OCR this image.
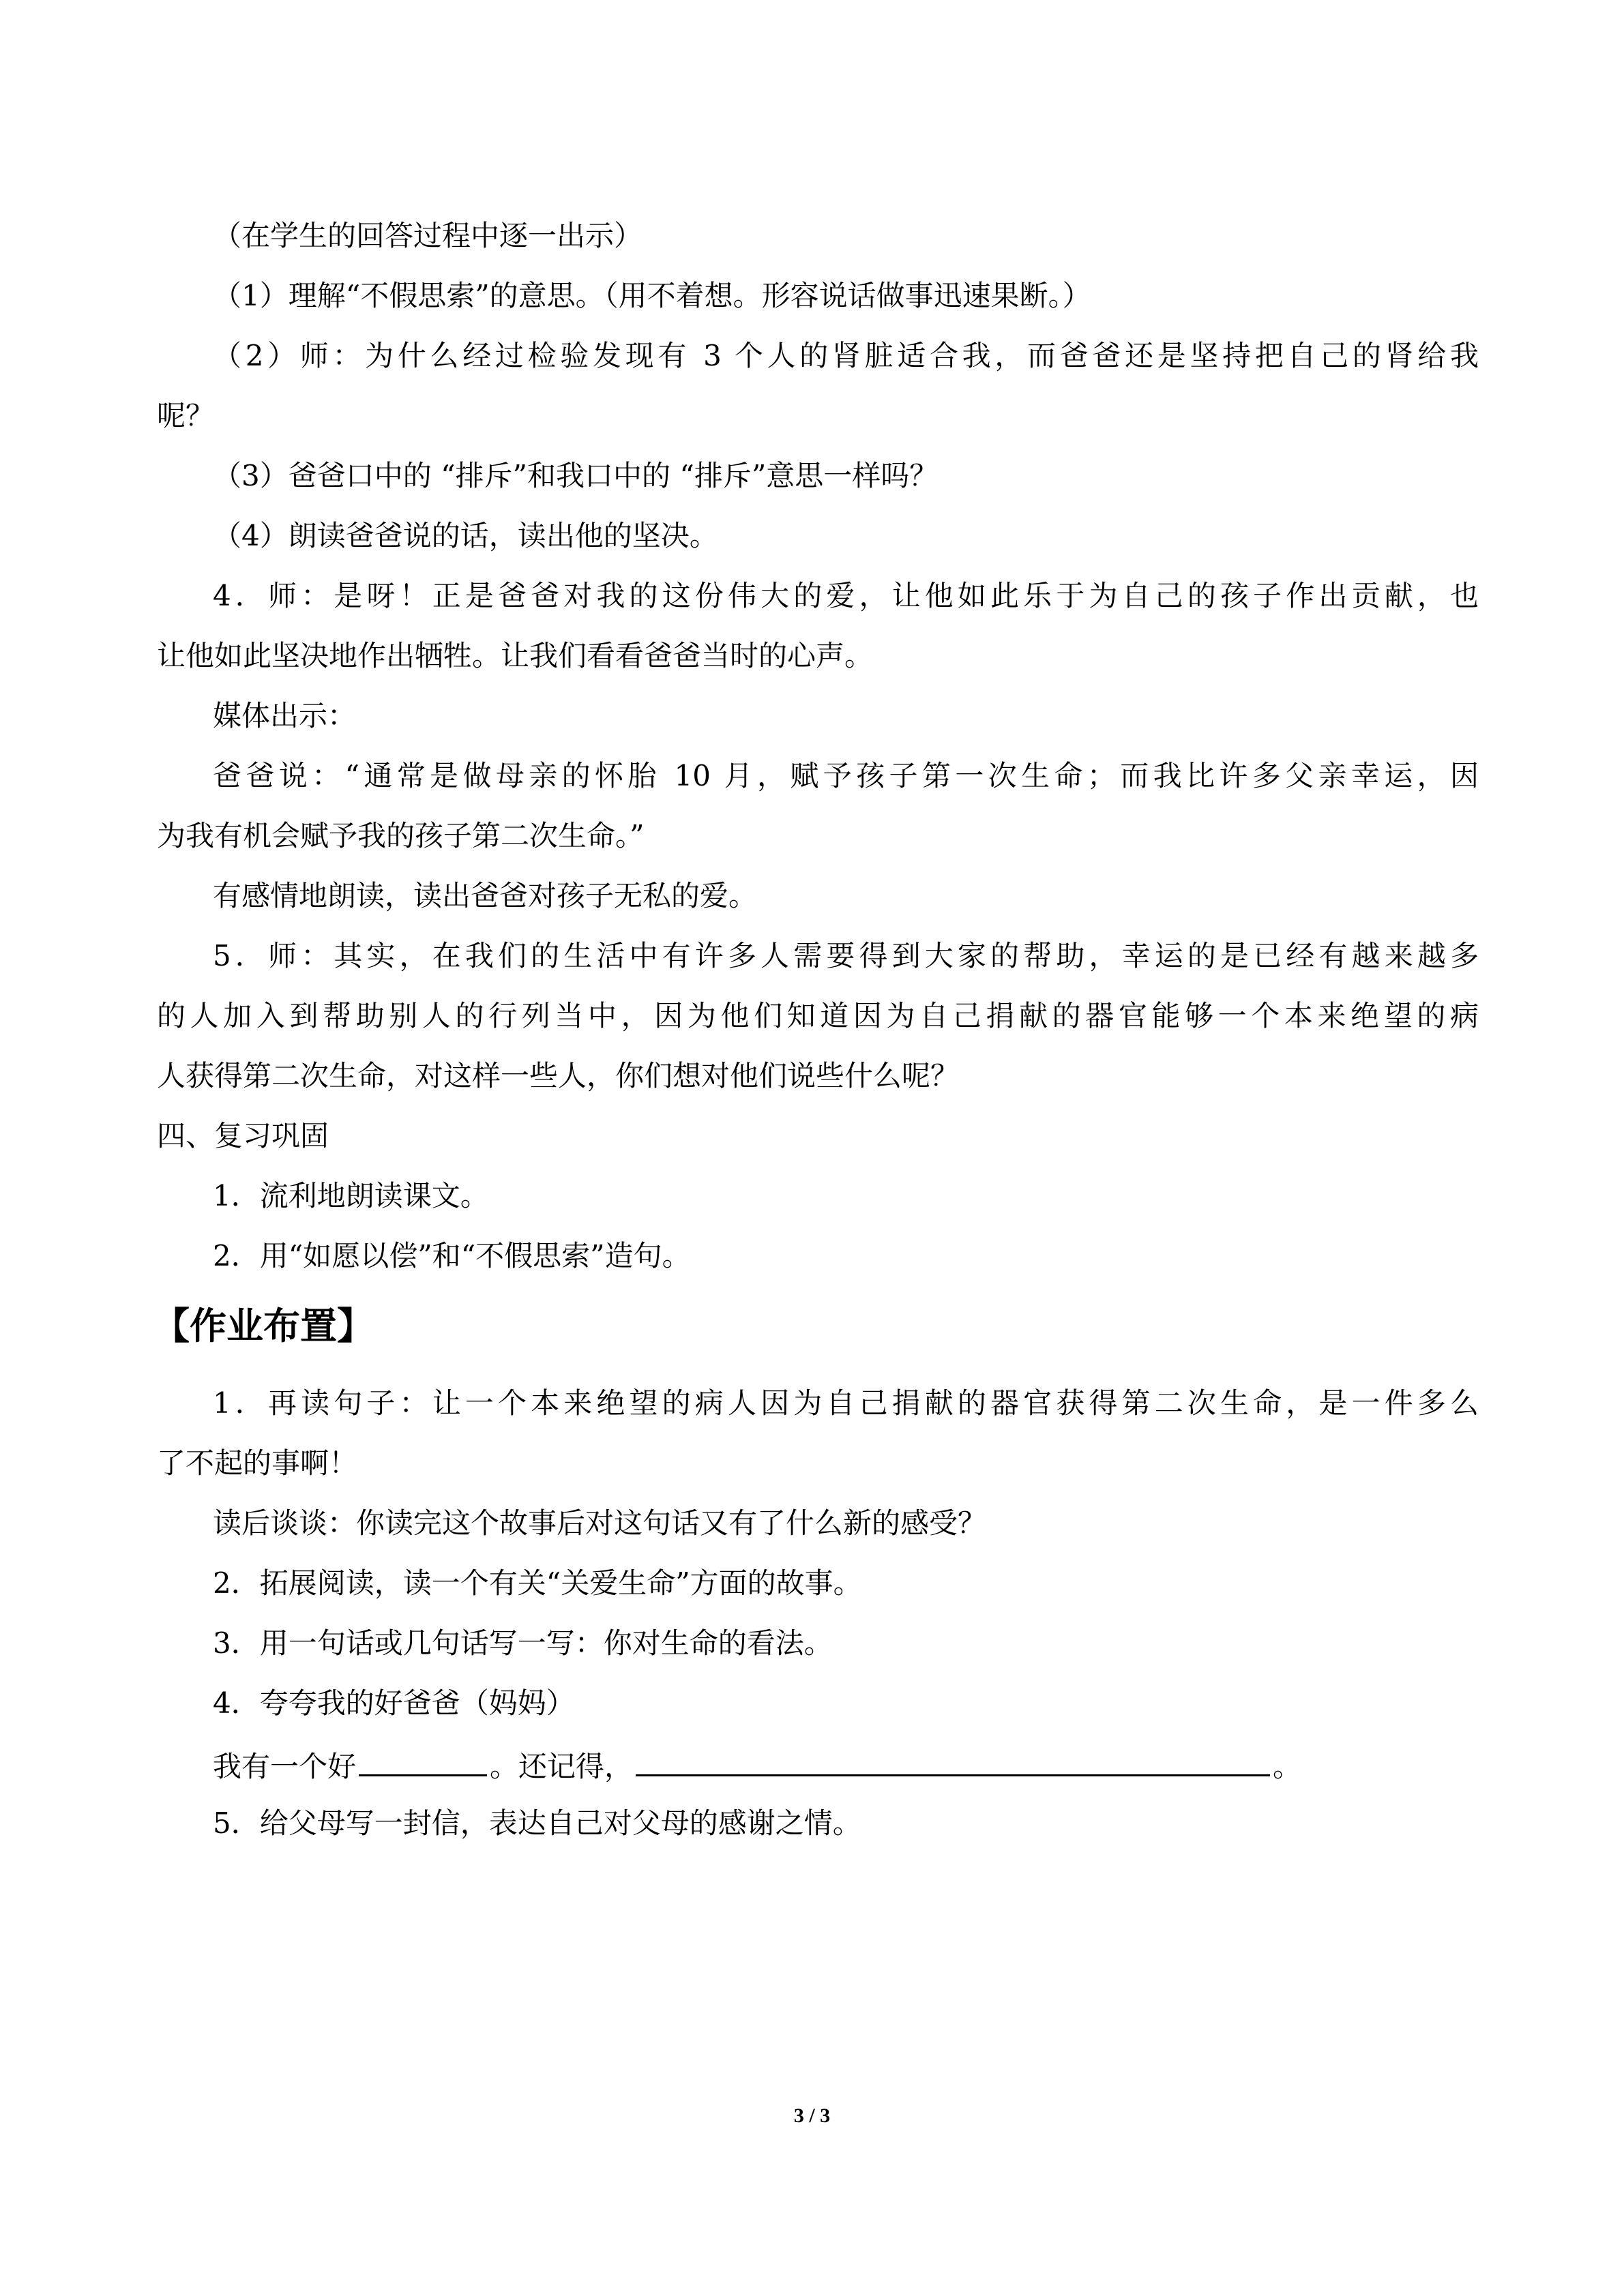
（在学生的回答过程中逐一出示）

（1）理解“不假思索”的意思。（用不着想。形容说话做事迅速果断。）

（2）师：为什么经过检验发现有 3 个人的肾脏适合我，而爸爸还是坚持把自己的肾给我

呢？

（3）爸爸口中的 “排斥”和我口中的 “排斥”意思一样吗？

（4）朗读爸爸说的话，读出他的坚决。

4．师：是呀！正是爸爸对我的这份伟大的爱，让他如此乐于为自己的孩子作出贡献，也

让他如此坚决地作出牺牲。让我们看看爸爸当时的心声。

媒体出示：

爸爸说：“通常是做母亲的怀胎 10 月，赋予孩子第一次生命；而我比许多父亲幸运，因

为我有机会赋予我的孩子第二次生命。”

有感情地朗读，读出爸爸对孩子无私的爱。

5．师：其实，在我们的生活中有许多人需要得到大家的帮助，幸运的是已经有越来越多

的人加入到帮助别人的行列当中，因为他们知道因为自己捐献的器官能够一个本来绝望的病

人获得第二次生命，对这样一些人，你们想对他们说些什么呢？

四、复习巩固

1．流利地朗读课文。

2．用“如愿以偿”和“不假思索”造句。

【作业布置】

1．再读句子：让一个本来绝望的病人因为自己捐献的器官获得第二次生命，是一件多么

了不起的事啊！

读后谈谈：你读完这个故事后对这句话又有了什么新的感受？

2．拓展阅读，读一个有关“关爱生命”方面的故事。

3．用一句话或几句话写一写：你对生命的看法。

4．夸夸我的好爸爸（妈妈）

我有一个好	。还记得，	。

5．给父母写一封信，表达自己对父母的感谢之情。

3 / 3
